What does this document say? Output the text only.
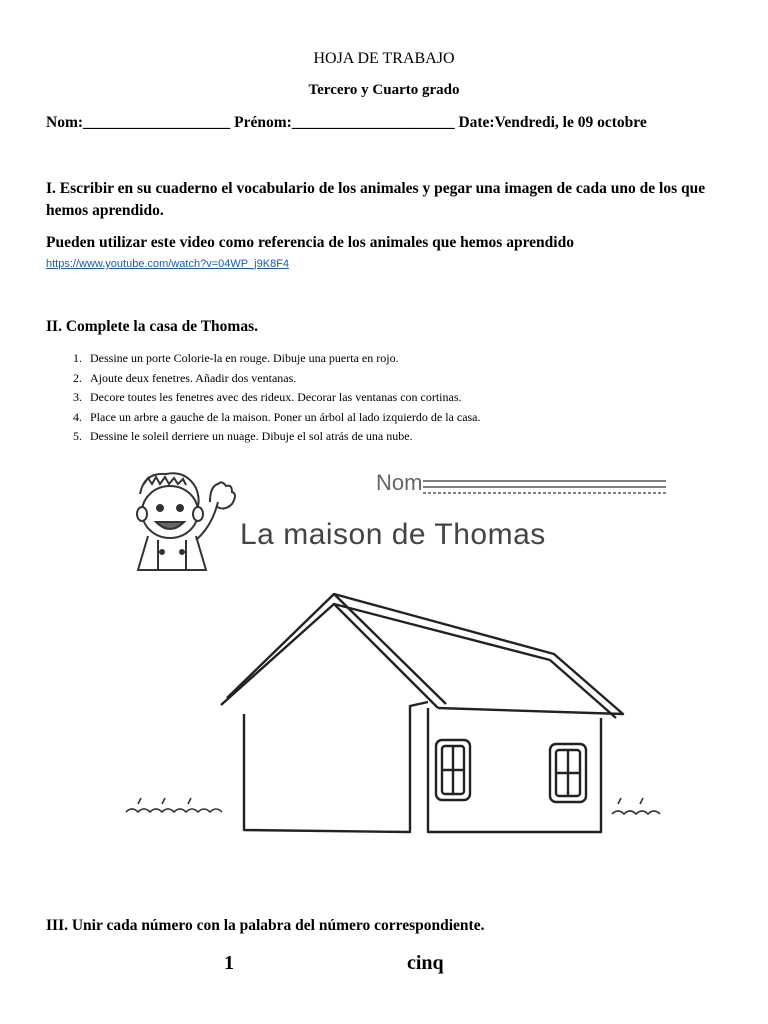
HOJA DE TRABAJO
Tercero y Cuarto grado
Nom:___________________ Prénom:_____________________ Date:Vendredi, le 09 octobre
I. Escribir en su cuaderno el vocabulario de los animales y pegar una imagen de cada uno de los que hemos aprendido.
Pueden utilizar este video como referencia de los animales que hemos aprendido
https://www.youtube.com/watch?v=04WP_j9K8F4
II. Complete la casa de Thomas.
1. Dessine un porte Colorie-la en rouge. Dibuje una puerta en rojo.
2. Ajoute deux fenetres. Añadir dos ventanas.
3. Decore toutes les fenetres avec des rideux. Decorar las ventanas con cortinas.
4. Place un arbre a gauche de la maison. Poner un árbol al lado izquierdo de la casa.
5. Dessine le soleil derriere un nuage. Dibuje el sol atrás de una nube.
Nom
La maison de Thomas
III. Unir cada número con la palabra del número correspondiente.
1	cinq
